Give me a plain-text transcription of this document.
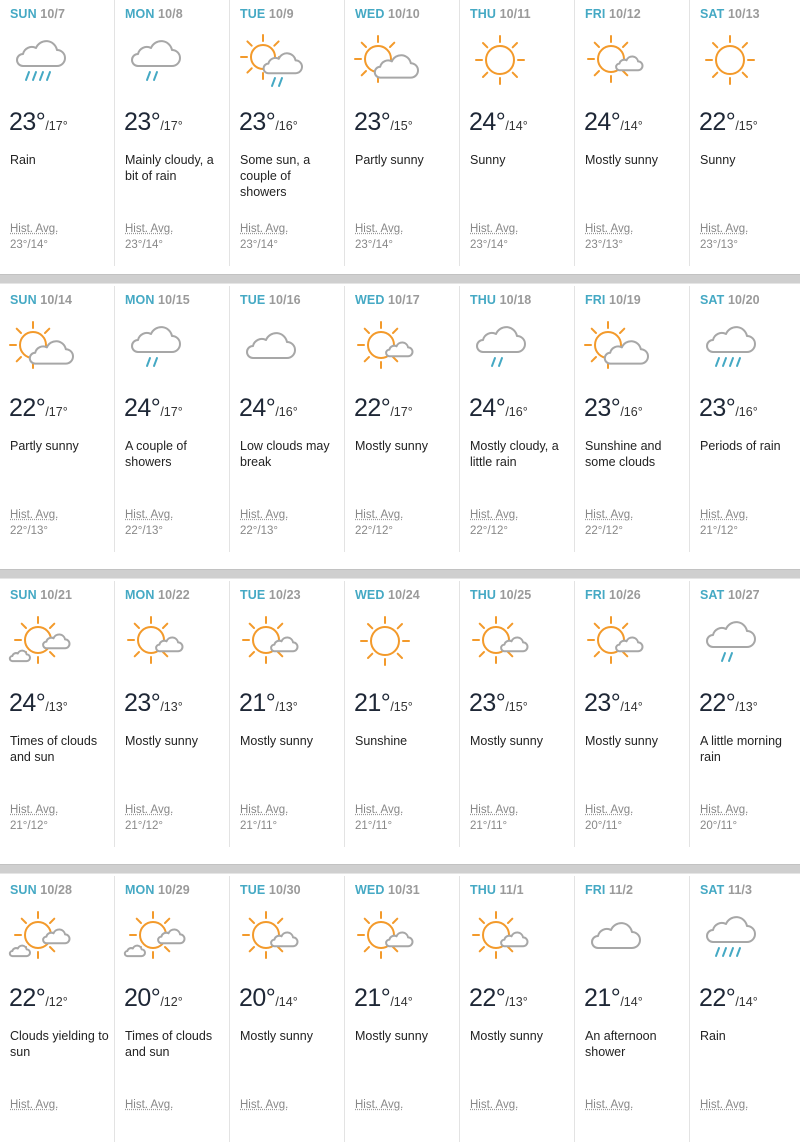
SUN 10/7
23°/17°
Rain
Hist. Avg.
23°/14°
MON 10/8
23°/17°
Mainly cloudy, a bit of rain
Hist. Avg.
23°/14°
TUE 10/9
23°/16°
Some sun, a couple of showers
Hist. Avg.
23°/14°
WED 10/10
23°/15°
Partly sunny
Hist. Avg.
23°/14°
THU 10/11
24°/14°
Sunny
Hist. Avg.
23°/14°
FRI 10/12
24°/14°
Mostly sunny
Hist. Avg.
23°/13°
SAT 10/13
22°/15°
Sunny
Hist. Avg.
23°/13°
SUN 10/14
22°/17°
Partly sunny
Hist. Avg.
22°/13°
MON 10/15
24°/17°
A couple of showers
Hist. Avg.
22°/13°
TUE 10/16
24°/16°
Low clouds may break
Hist. Avg.
22°/13°
WED 10/17
22°/17°
Mostly sunny
Hist. Avg.
22°/12°
THU 10/18
24°/16°
Mostly cloudy, a little rain
Hist. Avg.
22°/12°
FRI 10/19
23°/16°
Sunshine and some clouds
Hist. Avg.
22°/12°
SAT 10/20
23°/16°
Periods of rain
Hist. Avg.
21°/12°
SUN 10/21
24°/13°
Times of clouds and sun
Hist. Avg.
21°/12°
MON 10/22
23°/13°
Mostly sunny
Hist. Avg.
21°/12°
TUE 10/23
21°/13°
Mostly sunny
Hist. Avg.
21°/11°
WED 10/24
21°/15°
Sunshine
Hist. Avg.
21°/11°
THU 10/25
23°/15°
Mostly sunny
Hist. Avg.
21°/11°
FRI 10/26
23°/14°
Mostly sunny
Hist. Avg.
20°/11°
SAT 10/27
22°/13°
A little morning rain
Hist. Avg.
20°/11°
SUN 10/28
22°/12°
Clouds yielding to sun
Hist. Avg.
MON 10/29
20°/12°
Times of clouds and sun
Hist. Avg.
TUE 10/30
20°/14°
Mostly sunny
Hist. Avg.
WED 10/31
21°/14°
Mostly sunny
Hist. Avg.
THU 11/1
22°/13°
Mostly sunny
Hist. Avg.
FRI 11/2
21°/14°
An afternoon shower
Hist. Avg.
SAT 11/3
22°/14°
Rain
Hist. Avg.
